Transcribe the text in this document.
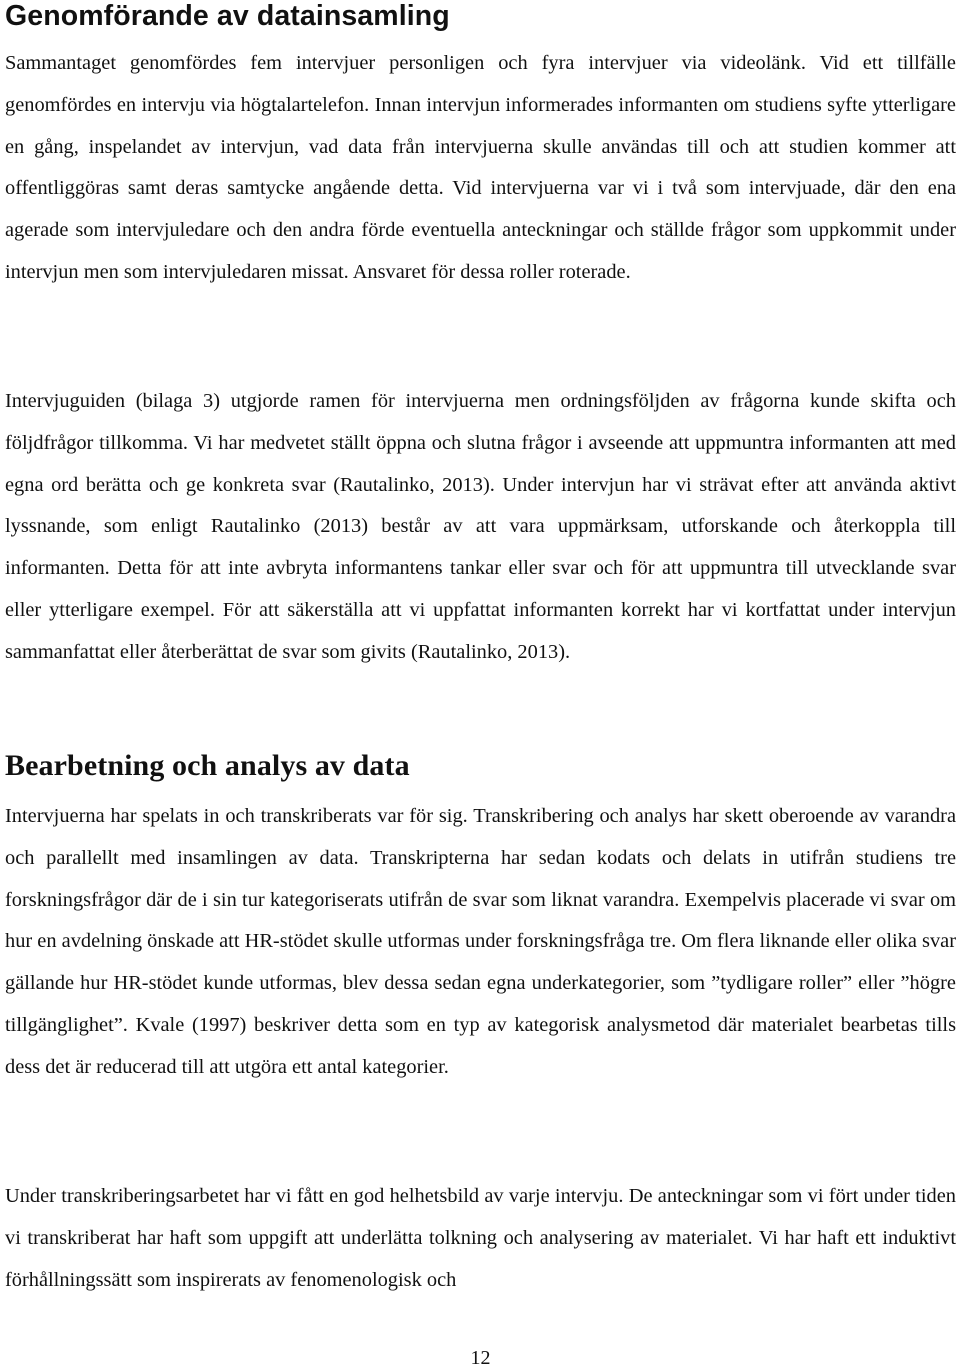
Genomförande av datainsamling

Sammantaget genomfördes fem intervjuer personligen och fyra intervjuer via videolänk. Vid ett tillfälle genomfördes en intervju via högtalartelefon. Innan intervjun informerades informanten om studiens syfte ytterligare en gång, inspelandet av intervjun, vad data från intervjuerna skulle användas till och att studien kommer att offentliggöras samt deras samtycke angående detta. Vid intervjuerna var vi i två som intervjuade, där den ena agerade som intervjuledare och den andra förde eventuella anteckningar och ställde frågor som uppkommit under intervjun men som intervjuledaren missat. Ansvaret för dessa roller roterade.

Intervjuguiden (bilaga 3) utgjorde ramen för intervjuerna men ordningsföljden av frågorna kunde skifta och följdfrågor tillkomma. Vi har medvetet ställt öppna och slutna frågor i avseende att uppmuntra informanten att med egna ord berätta och ge konkreta svar (Rautalinko, 2013). Under intervjun har vi strävat efter att använda aktivt lyssnande, som enligt Rautalinko (2013) består av att vara uppmärksam, utforskande och återkoppla till informanten. Detta för att inte avbryta informantens tankar eller svar och för att uppmuntra till utvecklande svar eller ytterligare exempel. För att säkerställa att vi uppfattat informanten korrekt har vi kortfattat under intervjun sammanfattat eller återberättat de svar som givits (Rautalinko, 2013).

Bearbetning och analys av data

Intervjuerna har spelats in och transkriberats var för sig. Transkribering och analys har skett oberoende av varandra och parallellt med insamlingen av data. Transkripterna har sedan kodats och delats in utifrån studiens tre forskningsfrågor där de i sin tur kategoriserats utifrån de svar som liknat varandra. Exempelvis placerade vi svar om hur en avdelning önskade att HR-stödet skulle utformas under forskningsfråga tre. Om flera liknande eller olika svar gällande hur HR-stödet kunde utformas, blev dessa sedan egna underkategorier, som ”tydligare roller” eller ”högre tillgänglighet”. Kvale (1997) beskriver detta som en typ av kategorisk analysmetod där materialet bearbetas tills dess det är reducerad till att utgöra ett antal kategorier.

Under transkriberingsarbetet har vi fått en god helhetsbild av varje intervju. De anteckningar som vi fört under tiden vi transkriberat har haft som uppgift att underlätta tolkning och analysering av materialet. Vi har haft ett induktivt förhållningssätt som inspirerats av fenomenologisk och

12
